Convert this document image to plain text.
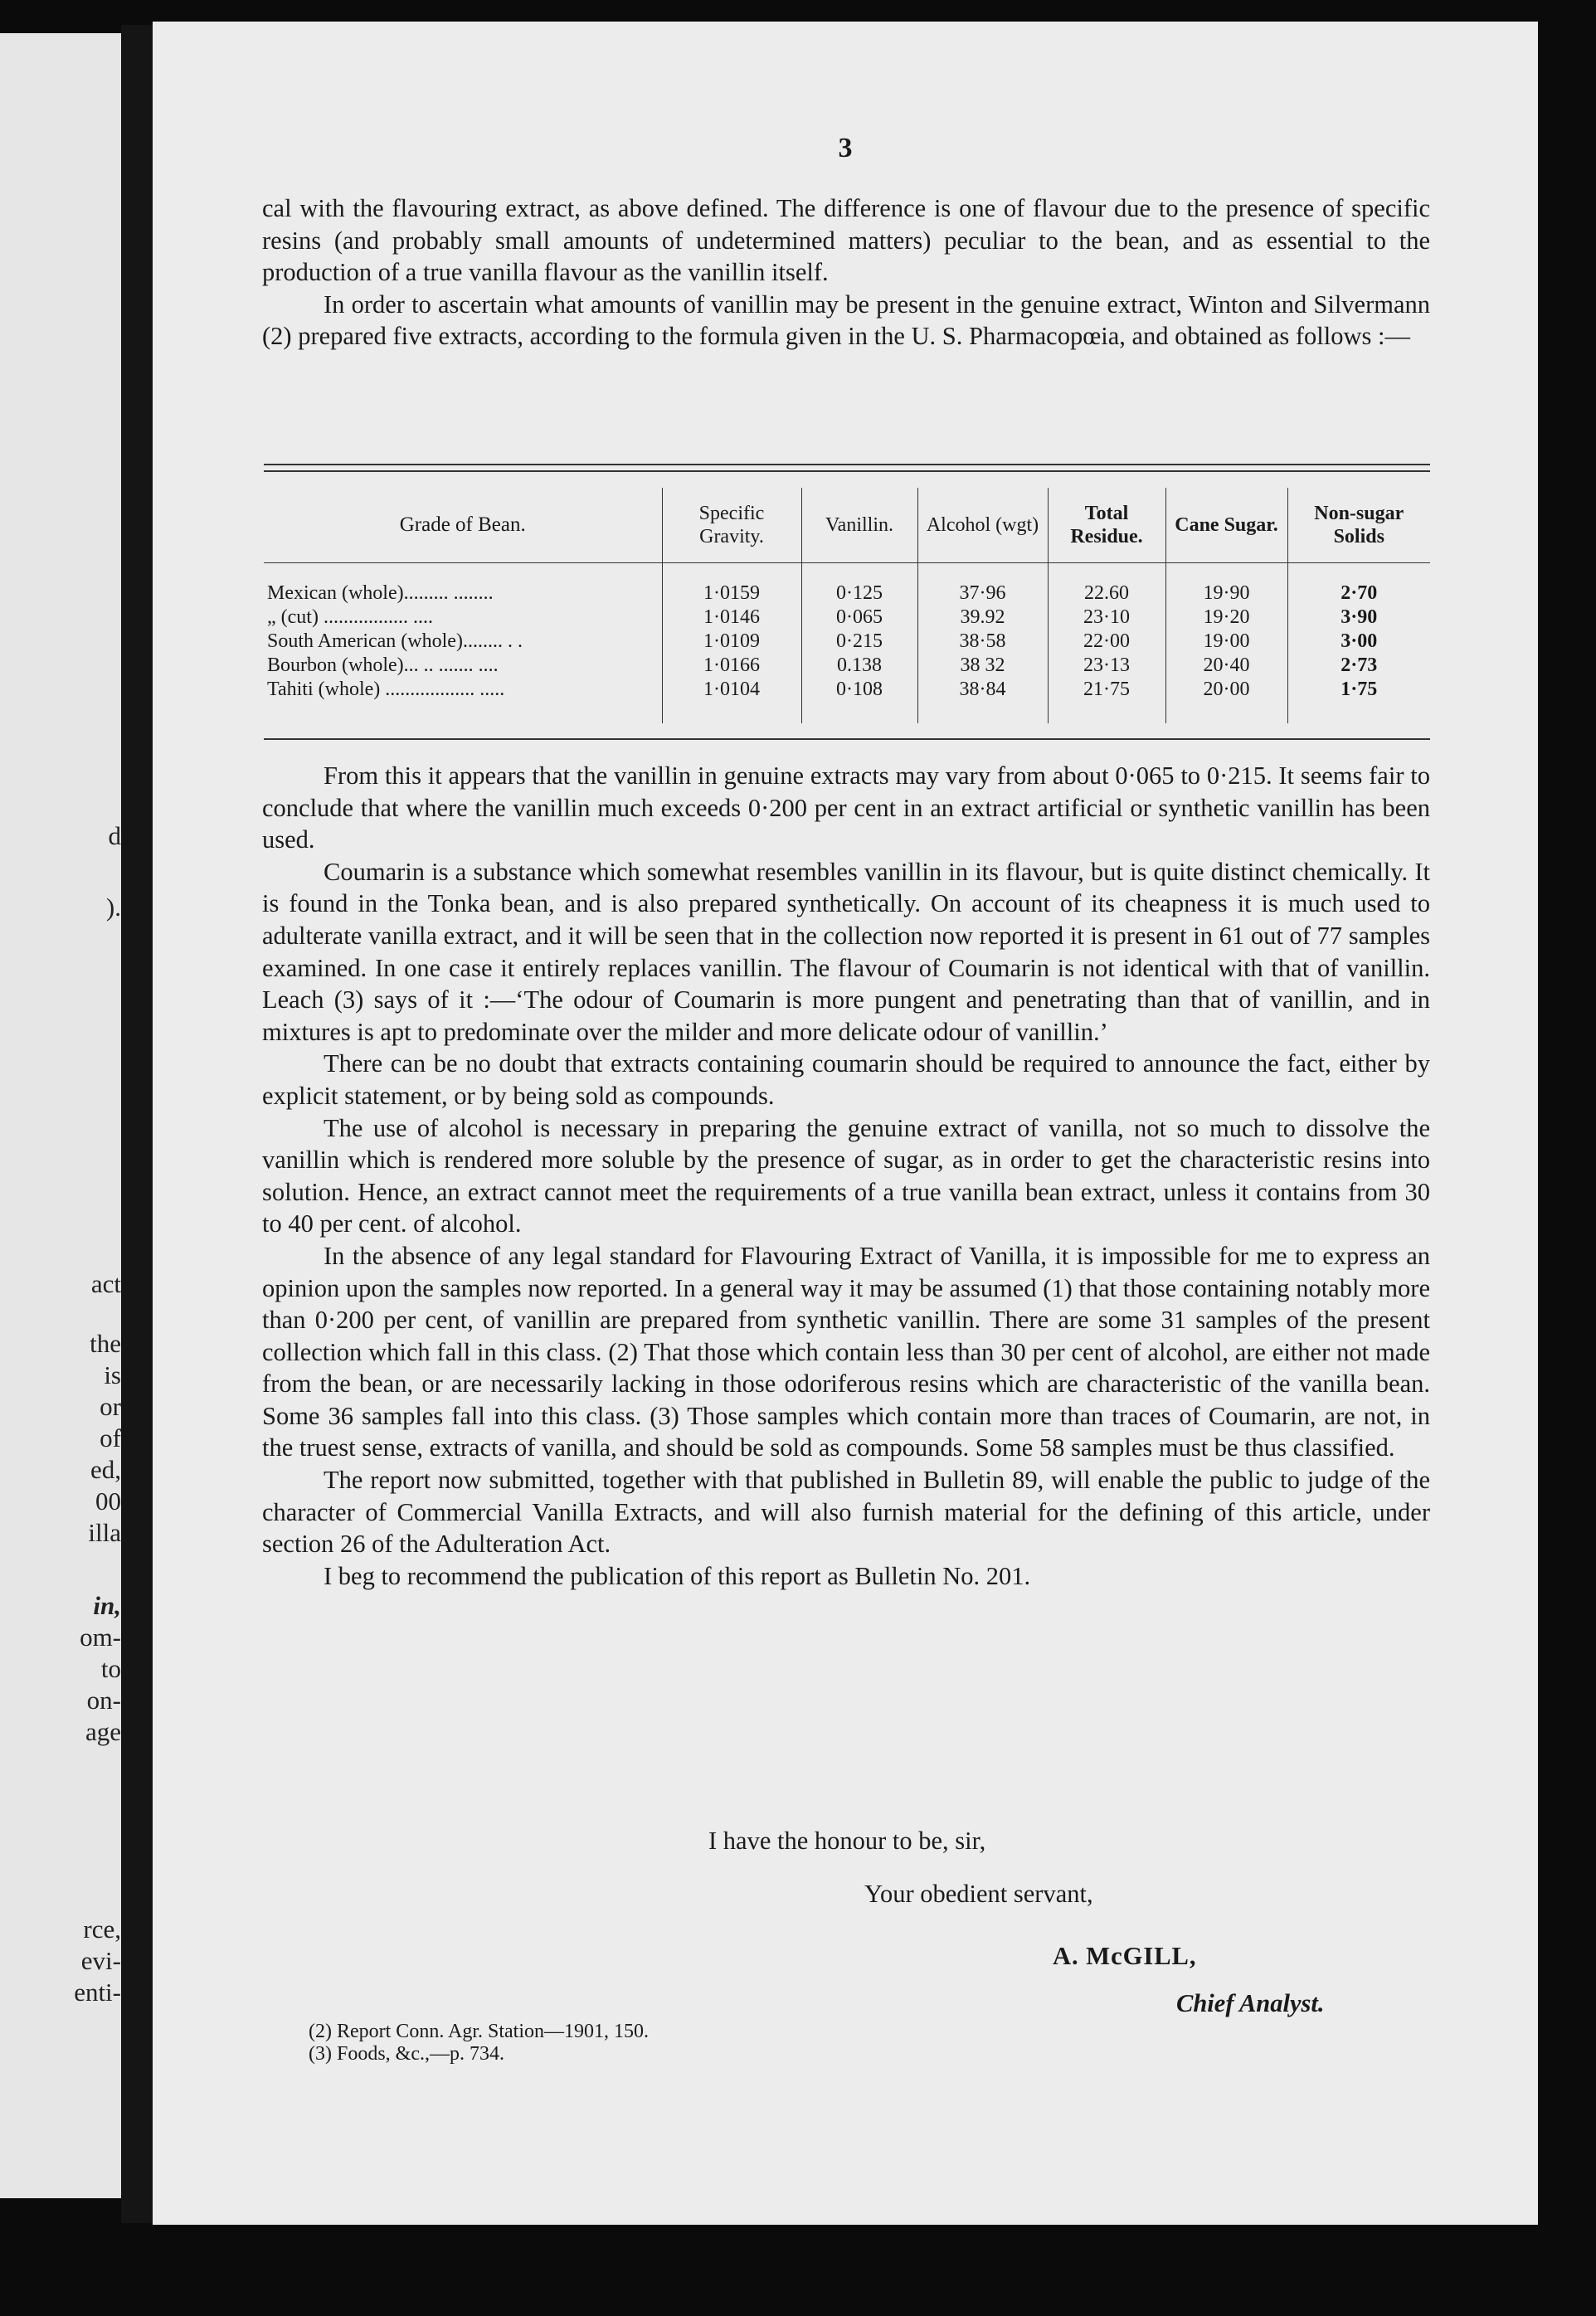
d
).
act
the
is
or
of
ed,
00
illa
in,
om-
to
on-
age
rce,
evi-
enti-
3

cal with the flavouring extract, as above defined. The difference is one of flavour due to the presence of specific resins (and probably small amounts of undetermined matters) peculiar to the bean, and as essential to the production of a true vanilla flavour as the vanillin itself.

In order to ascertain what amounts of vanillin may be present in the genuine extract, Winton and Silvermann (2) prepared five extracts, according to the formula given in the U. S. Pharmacopœia, and obtained as follows :—

Grade of Bean.	Specific Gravity.	Vanillin.	Alcohol (wgt)	Total Residue.	Cane Sugar.	Non-sugar Solids

Mexican (whole)......... ........	1·0159	0·125	37·96	22.60	19·90	2·70
„ (cut) ................. ....	1·0146	0·065	39.92	23·10	19·20	3·90
South American (whole)........ . .	1·0109	0·215	38·58	22·00	19·00	3·00
Bourbon (whole)... .. ....... ....	1·0166	0.138	38 32	23·13	20·40	2·73
Tahiti (whole) .................. .....	1·0104	0·108	38·84	21·75	20·00	1·75

From this it appears that the vanillin in genuine extracts may vary from about 0·065 to 0·215. It seems fair to conclude that where the vanillin much exceeds 0·200 per cent in an extract artificial or synthetic vanillin has been used.

Coumarin is a substance which somewhat resembles vanillin in its flavour, but is quite distinct chemically. It is found in the Tonka bean, and is also prepared synthetically. On account of its cheapness it is much used to adulterate vanilla extract, and it will be seen that in the collection now reported it is present in 61 out of 77 samples examined. In one case it entirely replaces vanillin. The flavour of Coumarin is not identical with that of vanillin. Leach (3) says of it :—‘The odour of Coumarin is more pungent and penetrating than that of vanillin, and in mixtures is apt to predominate over the milder and more delicate odour of vanillin.’

There can be no doubt that extracts containing coumarin should be required to announce the fact, either by explicit statement, or by being sold as compounds.

The use of alcohol is necessary in preparing the genuine extract of vanilla, not so much to dissolve the vanillin which is rendered more soluble by the presence of sugar, as in order to get the characteristic resins into solution. Hence, an extract cannot meet the requirements of a true vanilla bean extract, unless it contains from 30 to 40 per cent. of alcohol.

In the absence of any legal standard for Flavouring Extract of Vanilla, it is impossible for me to express an opinion upon the samples now reported. In a general way it may be assumed (1) that those containing notably more than 0·200 per cent, of vanillin are prepared from synthetic vanillin. There are some 31 samples of the present collection which fall in this class. (2) That those which contain less than 30 per cent of alcohol, are either not made from the bean, or are necessarily lacking in those odoriferous resins which are characteristic of the vanilla bean. Some 36 samples fall into this class. (3) Those samples which contain more than traces of Coumarin, are not, in the truest sense, extracts of vanilla, and should be sold as compounds. Some 58 samples must be thus classified.

The report now submitted, together with that published in Bulletin 89, will enable the public to judge of the character of Commercial Vanilla Extracts, and will also furnish material for the defining of this article, under section 26 of the Adulteration Act.

I beg to recommend the publication of this report as Bulletin No. 201.

I have the honour to be, sir,
Your obedient servant,
A. McGILL,
Chief Analyst.
(2) Report Conn. Agr. Station—1901, 150.
(3) Foods, &c.,—p. 734.
